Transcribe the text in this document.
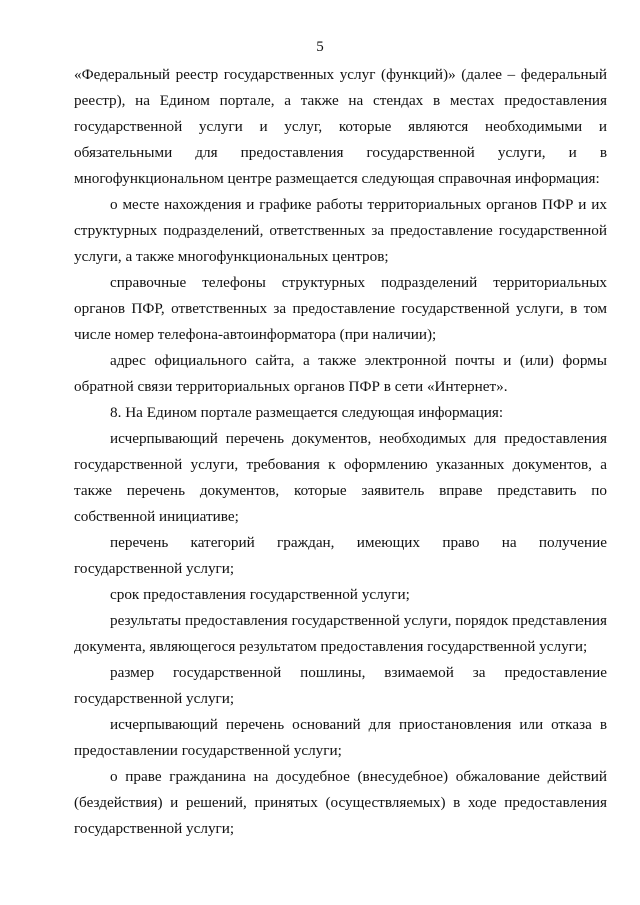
5

«Федеральный реестр государственных услуг (функций)» (далее – федеральный реестр), на Едином портале, а также на стендах в местах предоставления государственной услуги и услуг, которые являются необходимыми и обязательными для предоставления государственной услуги, и в многофункциональном центре размещается следующая справочная информация:

о месте нахождения и графике работы территориальных органов ПФР и их структурных подразделений, ответственных за предоставление государственной услуги, а также многофункциональных центров;

справочные телефоны структурных подразделений территориальных органов ПФР, ответственных за предоставление государственной услуги, в том числе номер телефона-автоинформатора (при наличии);

адрес официального сайта, а также электронной почты и (или) формы обратной связи территориальных органов ПФР в сети «Интернет».

8. На Едином портале размещается следующая информация:

исчерпывающий перечень документов, необходимых для предоставления государственной услуги, требования к оформлению указанных документов, а также перечень документов, которые заявитель вправе представить по собственной инициативе;

перечень категорий граждан, имеющих право на получение государственной услуги;

срок предоставления государственной услуги;

результаты предоставления государственной услуги, порядок представления документа, являющегося результатом предоставления государственной услуги;

размер государственной пошлины, взимаемой за предоставление государственной услуги;

исчерпывающий перечень оснований для приостановления или отказа в предоставлении государственной услуги;

о праве гражданина на досудебное (внесудебное) обжалование действий (бездействия) и решений, принятых (осуществляемых) в ходе предоставления государственной услуги;
